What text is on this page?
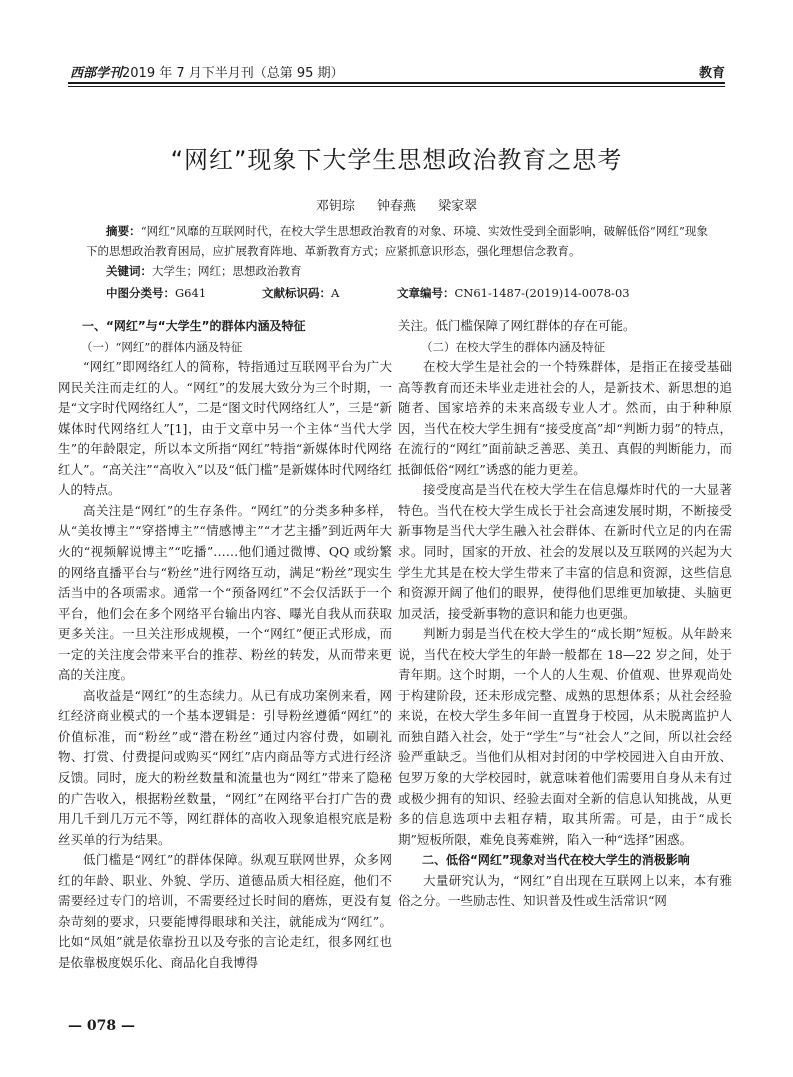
西部学刊2019 年 7 月下半月刊（总第 95 期）	教育
“网红”现象下大学生思想政治教育之思考
邓钥琮 钟春燕 梁家翠
摘要：“网红”风靡的互联网时代，在校大学生思想政治教育的对象、环境、实效性受到全面影响，破解低俗“网红”现象下的思想政治教育困局，应扩展教育阵地、革新教育方式；应紧抓意识形态，强化理想信念教育。
关键词：大学生；网红；思想政治教育
中图分类号：G641	文献标识码：A	文章编号：CN61-1487-(2019)14-0078-03
一、“网红”与“大学生”的群体内涵及特征
（一）“网红”的群体内涵及特征

“网红”即网络红人的简称，特指通过互联网平台为广大网民关注而走红的人。“网红”的发展大致分为三个时期，一是“文字时代网络红人”，二是“图文时代网络红人”，三是“新媒体时代网络红人”[1]，由于文章中另一个主体“当代大学生”的年龄限定，所以本文所指“网红”特指“新媒体时代网络红人”。“高关注”“高收入”以及“低门槛”是新媒体时代网络红人的特点。

高关注是“网红”的生存条件。“网红”的分类多种多样，从“美妆博主”“穿搭博主”“情感博主”“才艺主播”到近两年大火的“视频解说博主”“吃播”……他们通过微博、QQ 或纷繁的网络直播平台与“粉丝”进行网络互动，满足“粉丝”现实生活当中的各项需求。通常一个“预备网红”不会仅活跃于一个平台，他们会在多个网络平台输出内容、曝光自我从而获取更多关注。一旦关注形成规模，一个“网红”便正式形成，而一定的关注度会带来平台的推荐、粉丝的转发，从而带来更高的关注度。

高收益是“网红”的生态续力。从已有成功案例来看，网红经济商业模式的一个基本逻辑是：引导粉丝遵循“网红”的价值标准，而“粉丝”或“潜在粉丝”通过内容付费，如刷礼物、打赏、付费提问或购买“网红”店内商品等方式进行经济反馈。同时，庞大的粉丝数量和流量也为“网红”带来了隐秘的广告收入，根据粉丝数量，“网红”在网络平台打广告的费用几千到几万元不等，网红群体的高收入现象追根究底是粉丝买单的行为结果。

低门槛是“网红”的群体保障。纵观互联网世界，众多网红的年龄、职业、外貌、学历、道德品质大相径庭，他们不需要经过专门的培训，不需要经过长时间的磨炼，更没有复杂苛刻的要求，只要能博得眼球和关注，就能成为“网红”。比如“凤姐”就是依靠扮丑以及夸张的言论走红，很多网红也是依靠极度娱乐化、商品化自我博得

关注。低门槛保障了网红群体的存在可能。

（二）在校大学生的群体内涵及特征

在校大学生是社会的一个特殊群体，是指正在接受基础高等教育而还未毕业走进社会的人，是新技术、新思想的追随者、国家培养的未来高级专业人才。然而，由于种种原因，当代在校大学生拥有“接受度高”却“判断力弱”的特点，在流行的“网红”面前缺乏善恶、美丑、真假的判断能力，而抵御低俗“网红”诱惑的能力更差。

接受度高是当代在校大学生在信息爆炸时代的一大显著特色。当代在校大学生成长于社会高速发展时期，不断接受新事物是当代大学生融入社会群体、在新时代立足的内在需求。同时，国家的开放、社会的发展以及互联网的兴起为大学生尤其是在校大学生带来了丰富的信息和资源，这些信息和资源开阔了他们的眼界，使得他们思维更加敏捷、头脑更加灵活，接受新事物的意识和能力也更强。

判断力弱是当代在校大学生的“成长期”短板。从年龄来说，当代在校大学生的年龄一般都在 18—22 岁之间，处于青年期。这个时期，一个人的人生观、价值观、世界观尚处于构建阶段，还未形成完整、成熟的思想体系；从社会经验来说，在校大学生多年间一直置身于校园，从未脱离监护人而独自踏入社会，处于“学生”与“社会人”之间，所以社会经验严重缺乏。当他们从相对封闭的中学校园进入自由开放、包罗万象的大学校园时，就意味着他们需要用自身从未有过或极少拥有的知识、经验去面对全新的信息认知挑战，从更多的信息选项中去粗存精，取其所需。可是，由于“成长期”短板所限，难免良莠难辨，陷入一种“选择”困惑。

二、低俗“网红”现象对当代在校大学生的消极影响

大量研究认为，“网红”自出现在互联网上以来，本有雅俗之分。一些励志性、知识普及性或生活常识“网

— 078 —
